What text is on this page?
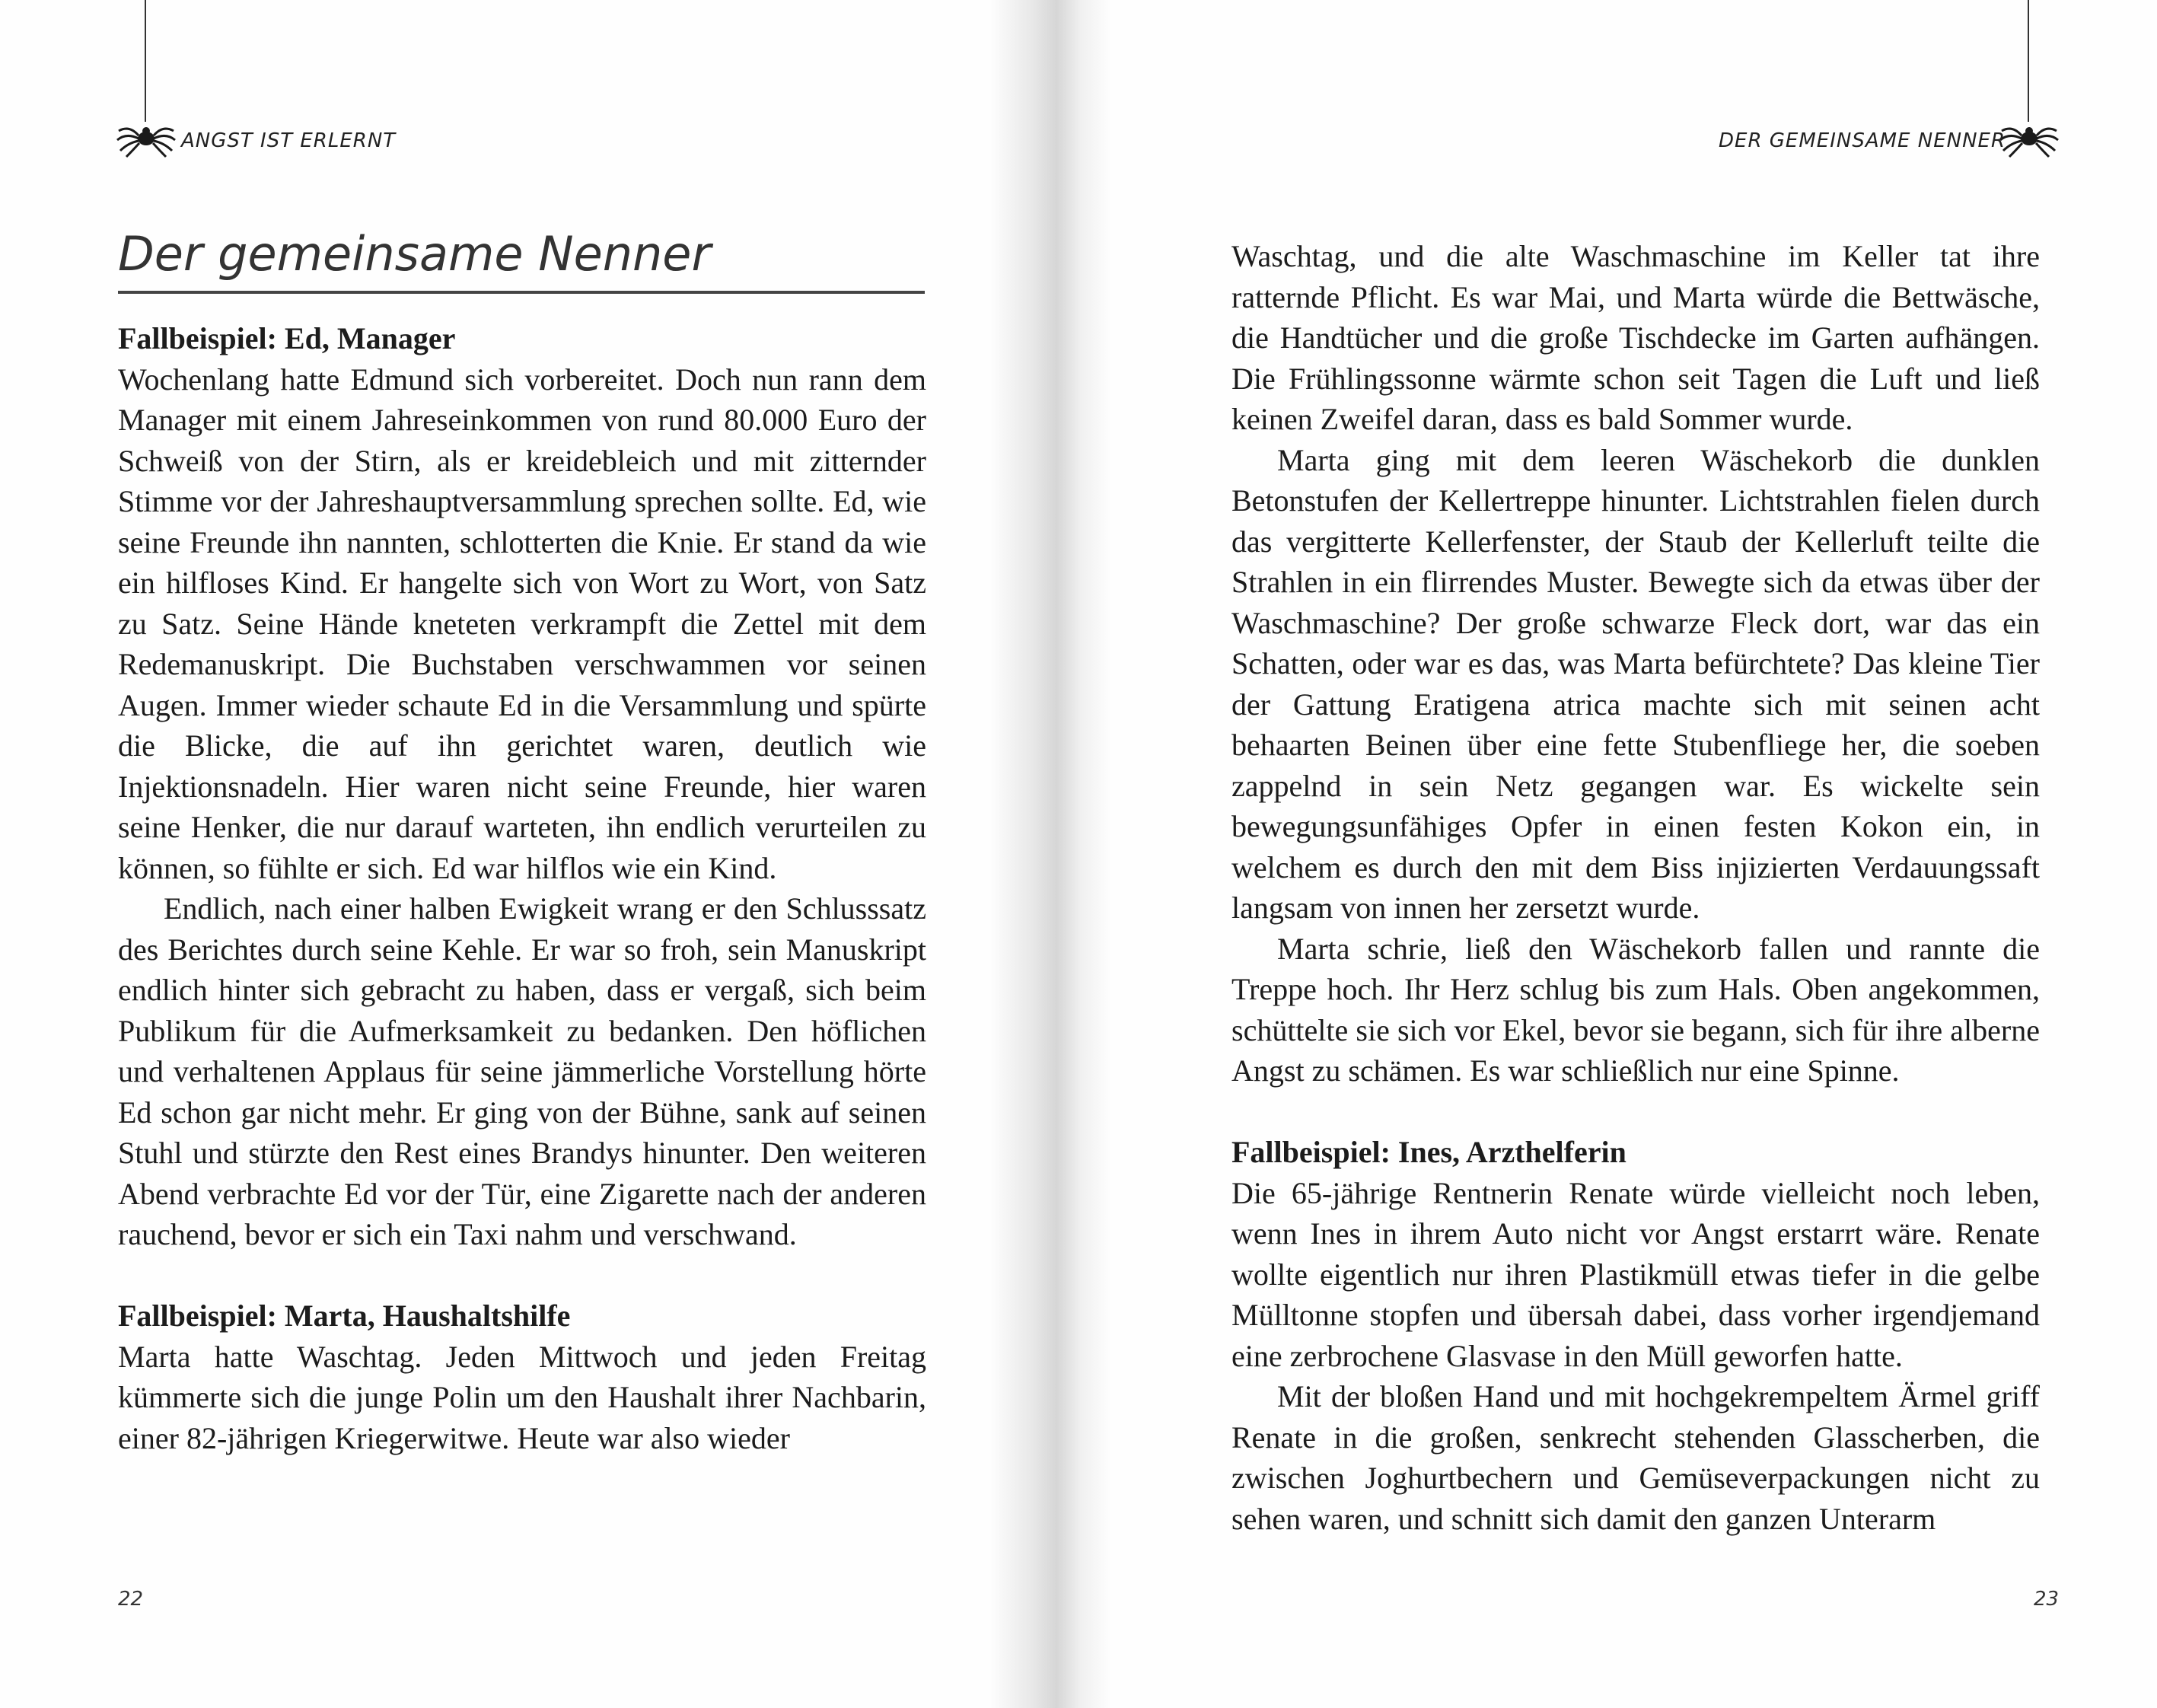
ANGST IST ERLERNT
Der gemeinsame Nenner
Fallbeispiel: Ed, Manager

Wochenlang hatte Edmund sich vorbereitet. Doch nun rann dem Manager mit einem Jahreseinkommen von rund 80.000 Euro der Schweiß von der Stirn, als er kreidebleich und mit zitternder Stimme vor der Jahreshauptversammlung sprechen sollte. Ed, wie seine Freunde ihn nannten, schlotterten die Knie. Er stand da wie ein hilfloses Kind. Er hangelte sich von Wort zu Wort, von Satz zu Satz. Seine Hände kneteten verkrampft die Zettel mit dem Redemanuskript. Die Buchstaben verschwammen vor seinen Augen. Immer wieder schaute Ed in die Versammlung und spürte die Blicke, die auf ihn gerichtet waren, deutlich wie Injektionsnadeln. Hier waren nicht seine Freunde, hier waren seine Henker, die nur darauf warteten, ihn endlich verurteilen zu können, so fühlte er sich. Ed war hilflos wie ein Kind.

Endlich, nach einer halben Ewigkeit wrang er den Schlusssatz des Berichtes durch seine Kehle. Er war so froh, sein Manuskript endlich hinter sich gebracht zu haben, dass er vergaß, sich beim Publikum für die Aufmerksamkeit zu bedanken. Den höflichen und verhaltenen Applaus für seine jämmerliche Vorstellung hörte Ed schon gar nicht mehr. Er ging von der Bühne, sank auf seinen Stuhl und stürzte den Rest eines Brandys hinunter. Den weiteren Abend verbrachte Ed vor der Tür, eine Zigarette nach der anderen rauchend, bevor er sich ein Taxi nahm und verschwand.

Fallbeispiel: Marta, Haushaltshilfe

Marta hatte Waschtag. Jeden Mittwoch und jeden Freitag kümmerte sich die junge Polin um den Haushalt ihrer Nachbarin, einer 82-jährigen Kriegerwitwe. Heute war also wieder

22
DER GEMEINSAME NENNER
23

Waschtag, und die alte Waschmaschine im Keller tat ihre ratternde Pflicht. Es war Mai, und Marta würde die Bettwäsche, die Handtücher und die große Tischdecke im Garten aufhängen. Die Frühlingssonne wärmte schon seit Tagen die Luft und ließ keinen Zweifel daran, dass es bald Sommer wurde.

Marta ging mit dem leeren Wäschekorb die dunklen Betonstufen der Kellertreppe hinunter. Lichtstrahlen fielen durch das vergitterte Kellerfenster, der Staub der Kellerluft teilte die Strahlen in ein flirrendes Muster. Bewegte sich da etwas über der Waschmaschine? Der große schwarze Fleck dort, war das ein Schatten, oder war es das, was Marta befürchtete? Das kleine Tier der Gattung Eratigena atrica machte sich mit seinen acht behaarten Beinen über eine fette Stubenfliege her, die soeben zappelnd in sein Netz gegangen war. Es wickelte sein bewegungsunfähiges Opfer in einen festen Kokon ein, in welchem es durch den mit dem Biss injizierten Verdauungssaft langsam von innen her zersetzt wurde.

Marta schrie, ließ den Wäschekorb fallen und rannte die Treppe hoch. Ihr Herz schlug bis zum Hals. Oben angekommen, schüttelte sie sich vor Ekel, bevor sie begann, sich für ihre alberne Angst zu schämen. Es war schließlich nur eine Spinne.

Fallbeispiel: Ines, Arzthelferin

Die 65-jährige Rentnerin Renate würde vielleicht noch leben, wenn Ines in ihrem Auto nicht vor Angst erstarrt wäre. Renate wollte eigentlich nur ihren Plastikmüll etwas tiefer in die gelbe Mülltonne stopfen und übersah dabei, dass vorher irgendjemand eine zerbrochene Glasvase in den Müll geworfen hatte.

Mit der bloßen Hand und mit hochgekrempeltem Ärmel griff Renate in die großen, senkrecht stehenden Glasscherben, die zwischen Joghurtbechern und Gemüseverpackungen nicht zu sehen waren, und schnitt sich damit den ganzen Unterarm
